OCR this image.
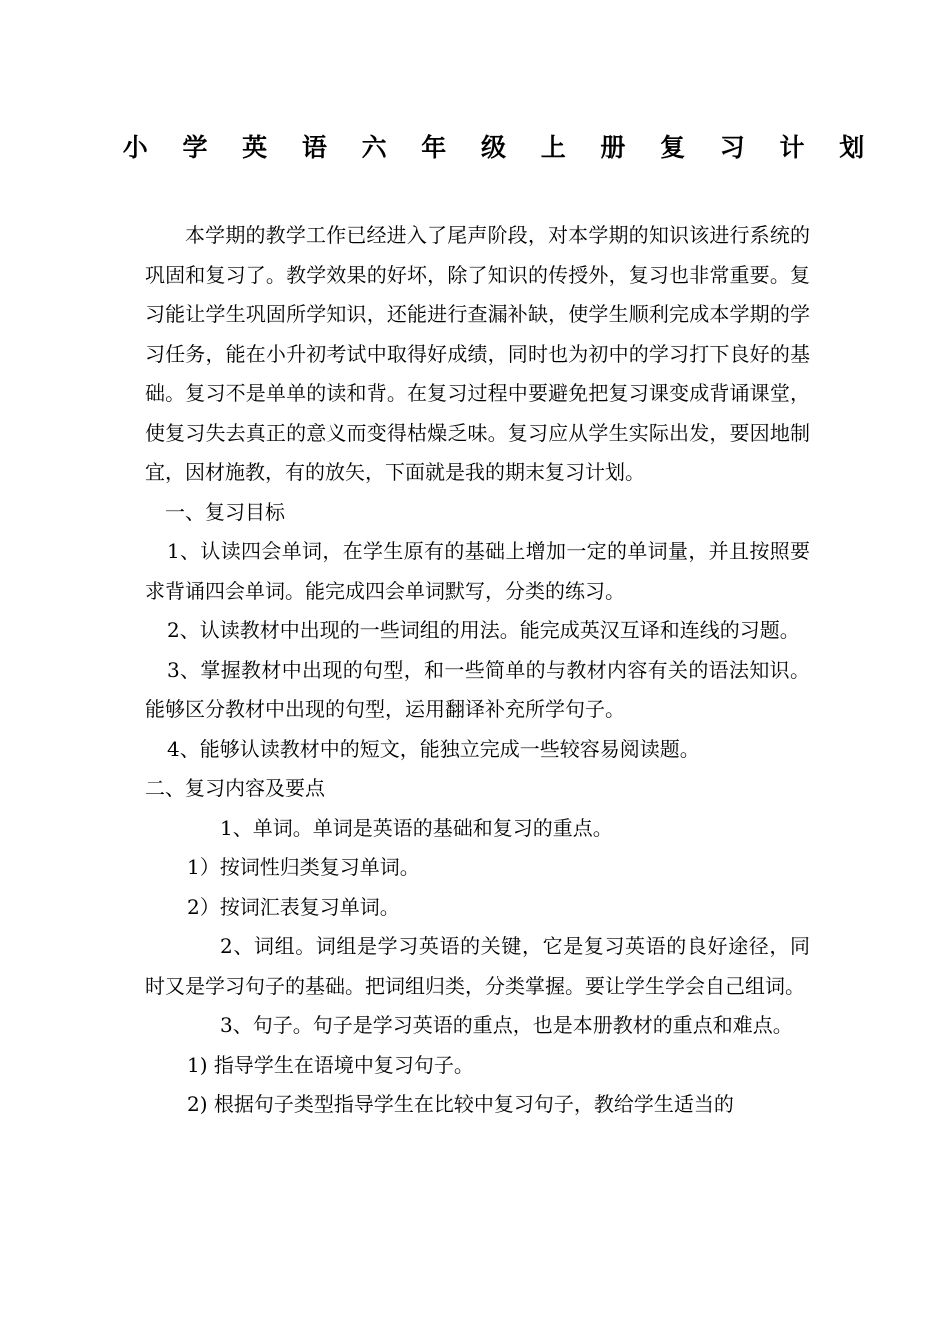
小 学 英 语 六 年 级 上 册 复 习 计 划

本学期的教学工作已经进入了尾声阶段，对本学期的知识该进行系统的巩固和复习了。教学效果的好坏，除了知识的传授外，复习也非常重要。复习能让学生巩固所学知识，还能进行查漏补缺，使学生顺利完成本学期的学习任务，能在小升初考试中取得好成绩，同时也为初中的学习打下良好的基础。复习不是单单的读和背。在复习过程中要避免把复习课变成背诵课堂，使复习失去真正的意义而变得枯燥乏味。复习应从学生实际出发，要因地制宜，因材施教，有的放矢，下面就是我的期末复习计划。

一、复习目标

1、认读四会单词，在学生原有的基础上增加一定的单词量，并且按照要求背诵四会单词。能完成四会单词默写，分类的练习。

2、认读教材中出现的一些词组的用法。能完成英汉互译和连线的习题。

3、掌握教材中出现的句型，和一些简单的与教材内容有关的语法知识。能够区分教材中出现的句型，运用翻译补充所学句子。

4、能够认读教材中的短文，能独立完成一些较容易阅读题。

二、复习内容及要点

1、单词。单词是英语的基础和复习的重点。

1）按词性归类复习单词。

2）按词汇表复习单词。

2、词组。词组是学习英语的关键，它是复习英语的良好途径，同时又是学习句子的基础。把词组归类，分类掌握。要让学生学会自己组词。

3、句子。句子是学习英语的重点，也是本册教材的重点和难点。

1) 指导学生在语境中复习句子。

2) 根据句子类型指导学生在比较中复习句子，教给学生适当的
